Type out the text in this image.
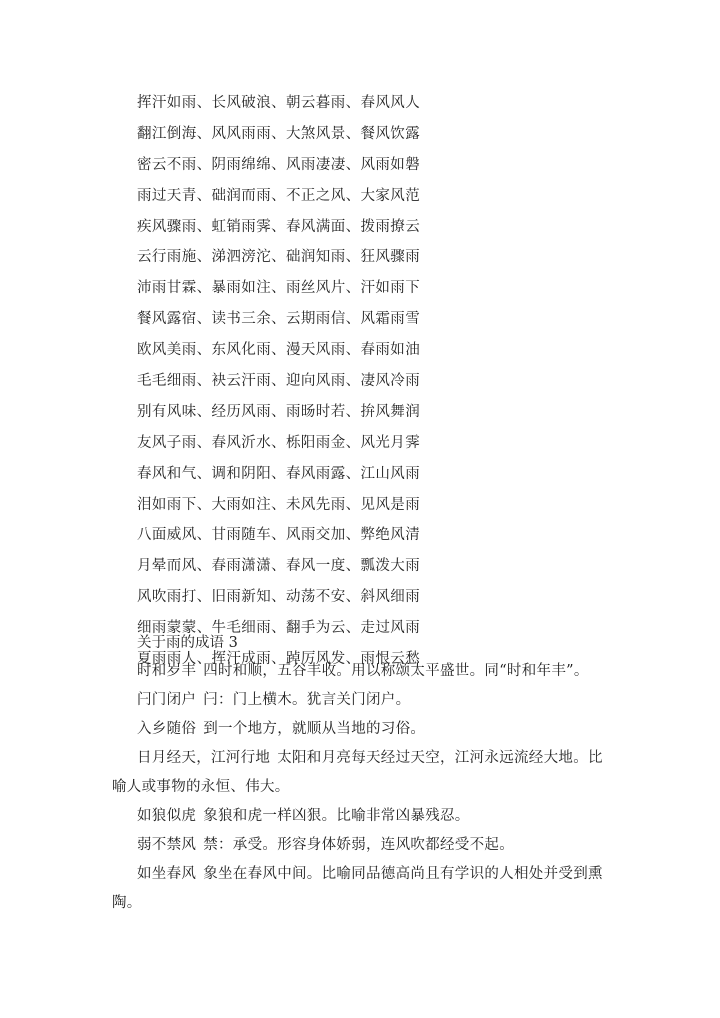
挥汗如雨、长风破浪、朝云暮雨、春风风人
翻江倒海、风风雨雨、大煞风景、餐风饮露
密云不雨、阴雨绵绵、风雨凄凄、风雨如磐
雨过天青、础润而雨、不正之风、大家风范
疾风骤雨、虹销雨霁、春风满面、拨雨撩云
云行雨施、涕泗滂沱、础润知雨、狂风骤雨
沛雨甘霖、暴雨如注、雨丝风片、汗如雨下
餐风露宿、读书三余、云期雨信、风霜雨雪
欧风美雨、东风化雨、漫天风雨、春雨如油
毛毛细雨、袂云汗雨、迎向风雨、凄风冷雨
别有风味、经历风雨、雨旸时若、拚风舞润
友风子雨、春风沂水、栎阳雨金、风光月霁
春风和气、调和阴阳、春风雨露、江山风雨
泪如雨下、大雨如注、未风先雨、见风是雨
八面威风、甘雨随车、风雨交加、弊绝风清
月晕而风、春雨潇潇、春风一度、瓢泼大雨
风吹雨打、旧雨新知、动荡不安、斜风细雨
细雨蒙蒙、牛毛细雨、翻手为云、走过风雨
夏雨雨人、挥汗成雨、踔厉风发、雨恨云愁
关于雨的成语 3

时和岁丰 四时和顺，五谷丰收。用以称颂太平盛世。同“时和年丰”。

闩门闭户 闩：门上横木。犹言关门闭户。

入乡随俗 到一个地方，就顺从当地的习俗。

日月经天，江河行地 太阳和月亮每天经过天空，江河永远流经大地。比喻人或事物的永恒、伟大。

如狼似虎 象狼和虎一样凶狠。比喻非常凶暴残忍。

弱不禁风 禁：承受。形容身体娇弱，连风吹都经受不起。

如坐春风 象坐在春风中间。比喻同品德高尚且有学识的人相处并受到熏陶。
